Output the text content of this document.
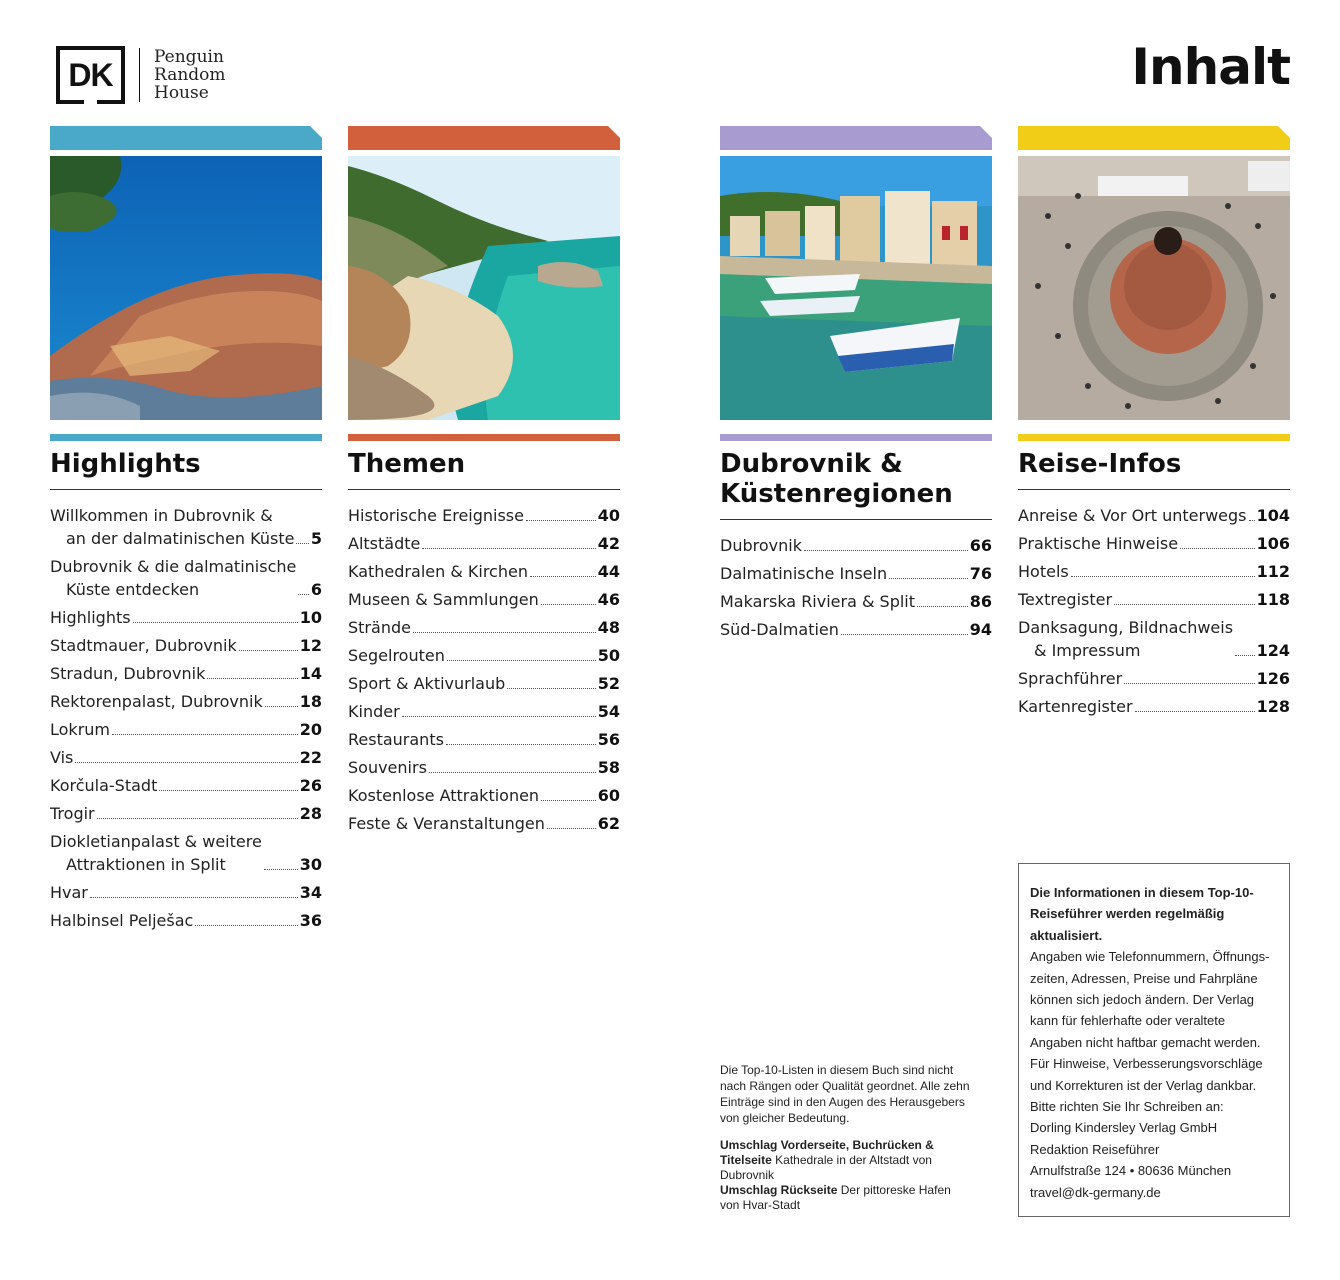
DK	Penguin
Random
House	Inhalt
Highlights
Willkommen in Dubrovnik &
an der dalmatinischen Küste 5
Dubrovnik & die dalmatinische
Küste entdecken	6
Highlights	10
Stadtmauer, Dubrovnik	12
Stradun, Dubrovnik	14
Rektorenpalast, Dubrovnik 18
Lokrum	20
Vis	22
Korčula-Stadt	26
Trogir	28
Diokletianpalast & weitere
Attraktionen in Split	30
Hvar	34
Halbinsel Pelješac	36
Themen
Historische Ereignisse	40
Altstädte	42
Kathedralen & Kirchen	44
Museen & Sammlungen	46
Strände	48
Segelrouten	50
Sport & Aktivurlaub	52
Kinder	54
Restaurants	56
Souvenirs	58
Kostenlose Attraktionen	60
Feste & Veranstaltungen	62
Dubrovnik &
Küstenregionen
Dubrovnik	66
Dalmatinische Inseln	76
Makarska Riviera & Split	86
Süd-Dalmatien	94
Reise-Infos
Anreise & Vor Ort unterwegs 104
Praktische Hinweise	106
Hotels	112
Textregister	118
Danksagung, Bildnachweis
& Impressum	124
Sprachführer	126
Kartenregister	128

Die Top-10-Listen in diesem Buch sind nicht nach Rängen oder Qualität geordnet. Alle zehn Einträge sind in den Augen des Herausgebers von gleicher Bedeutung.

Umschlag Vorderseite, Buchrücken & Titelseite Kathedrale in der Altstadt von Dubrovnik

Umschlag Rückseite Der pittoreske Hafen von Hvar-Stadt

Die Informationen in diesem Top-10-Reiseführer werden regelmäßig aktualisiert.
Angaben wie Telefonnummern, Öffnungs-zeiten, Adressen, Preise und Fahrpläne können sich jedoch ändern. Der Verlag kann für fehlerhafte oder veraltete Angaben nicht haftbar gemacht werden. Für Hinweise, Verbesserungsvorschläge und Korrekturen ist der Verlag dankbar. Bitte richten Sie Ihr Schreiben an:
Dorling Kindersley Verlag GmbH
Redaktion Reiseführer
Arnulfstraße 124 • 80636 München
travel@dk-germany.de
